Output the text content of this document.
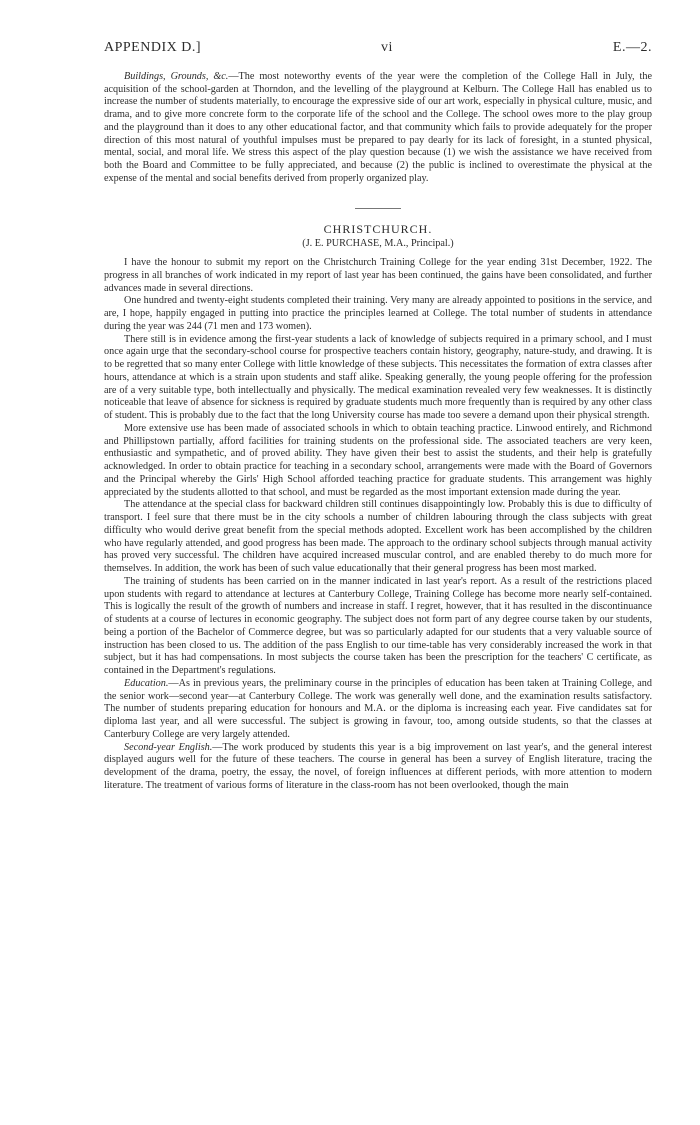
APPENDIX D.]	vi	E.—2.

Buildings, Grounds, &c.—The most noteworthy events of the year were the completion of the College Hall in July, the acquisition of the school-garden at Thorndon, and the levelling of the playground at Kelburn. The College Hall has enabled us to increase the number of students materially, to encourage the expressive side of our art work, especially in physical culture, music, and drama, and to give more concrete form to the corporate life of the school and the College. The school owes more to the play group and the playground than it does to any other educational factor, and that community which fails to provide adequately for the proper direction of this most natural of youthful impulses must be prepared to pay dearly for its lack of foresight, in a stunted physical, mental, social, and moral life. We stress this aspect of the play question because (1) we wish the assistance we have received from both the Board and Committee to be fully appreciated, and because (2) the public is inclined to overestimate the physical at the expense of the mental and social benefits derived from properly organized play.

CHRISTCHURCH.

(J. E. PURCHASE, M.A., Principal.)

I have the honour to submit my report on the Christchurch Training College for the year ending 31st December, 1922. The progress in all branches of work indicated in my report of last year has been continued, the gains have been consolidated, and further advances made in several directions.

One hundred and twenty-eight students completed their training. Very many are already appointed to positions in the service, and are, I hope, happily engaged in putting into practice the principles learned at College. The total number of students in attendance during the year was 244 (71 men and 173 women).

There still is in evidence among the first-year students a lack of knowledge of subjects required in a primary school, and I must once again urge that the secondary-school course for prospective teachers contain history, geography, nature-study, and drawing. It is to be regretted that so many enter College with little knowledge of these subjects. This necessitates the formation of extra classes after hours, attendance at which is a strain upon students and staff alike. Speaking generally, the young people offering for the profession are of a very suitable type, both intellectually and physically. The medical examination revealed very few weaknesses. It is distinctly noticeable that leave of absence for sickness is required by graduate students much more frequently than is required by any other class of student. This is probably due to the fact that the long University course has made too severe a demand upon their physical strength.

More extensive use has been made of associated schools in which to obtain teaching practice. Linwood entirely, and Richmond and Phillipstown partially, afford facilities for training students on the professional side. The associated teachers are very keen, enthusiastic and sympathetic, and of proved ability. They have given their best to assist the students, and their help is gratefully acknowledged. In order to obtain practice for teaching in a secondary school, arrangements were made with the Board of Governors and the Principal whereby the Girls' High School afforded teaching practice for graduate students. This arrangement was highly appreciated by the students allotted to that school, and must be regarded as the most important extension made during the year.

The attendance at the special class for backward children still continues disappointingly low. Probably this is due to difficulty of transport. I feel sure that there must be in the city schools a number of children labouring through the class subjects with great difficulty who would derive great benefit from the special methods adopted. Excellent work has been accomplished by the children who have regularly attended, and good progress has been made. The approach to the ordinary school subjects through manual activity has proved very successful. The children have acquired increased muscular control, and are enabled thereby to do much more for themselves. In addition, the work has been of such value educationally that their general progress has been most marked.

The training of students has been carried on in the manner indicated in last year's report. As a result of the restrictions placed upon students with regard to attendance at lectures at Canterbury College, Training College has become more nearly self-contained. This is logically the result of the growth of numbers and increase in staff. I regret, however, that it has resulted in the discontinuance of students at a course of lectures in economic geography. The subject does not form part of any degree course taken by our students, being a portion of the Bachelor of Commerce degree, but was so particularly adapted for our students that a very valuable source of instruction has been closed to us. The addition of the pass English to our time-table has very considerably increased the work in that subject, but it has had compensations. In most subjects the course taken has been the prescription for the teachers' C certificate, as contained in the Department's regulations.

Education.—As in previous years, the preliminary course in the principles of education has been taken at Training College, and the senior work—second year—at Canterbury College. The work was generally well done, and the examination results satisfactory. The number of students preparing education for honours and M.A. or the diploma is increasing each year. Five candidates sat for diploma last year, and all were successful. The subject is growing in favour, too, among outside students, so that the classes at Canterbury College are very largely attended.

Second-year English.—The work produced by students this year is a big improvement on last year's, and the general interest displayed augurs well for the future of these teachers. The course in general has been a survey of English literature, tracing the development of the drama, poetry, the essay, the novel, of foreign influences at different periods, with more attention to modern literature. The treatment of various forms of literature in the class-room has not been overlooked, though the main
